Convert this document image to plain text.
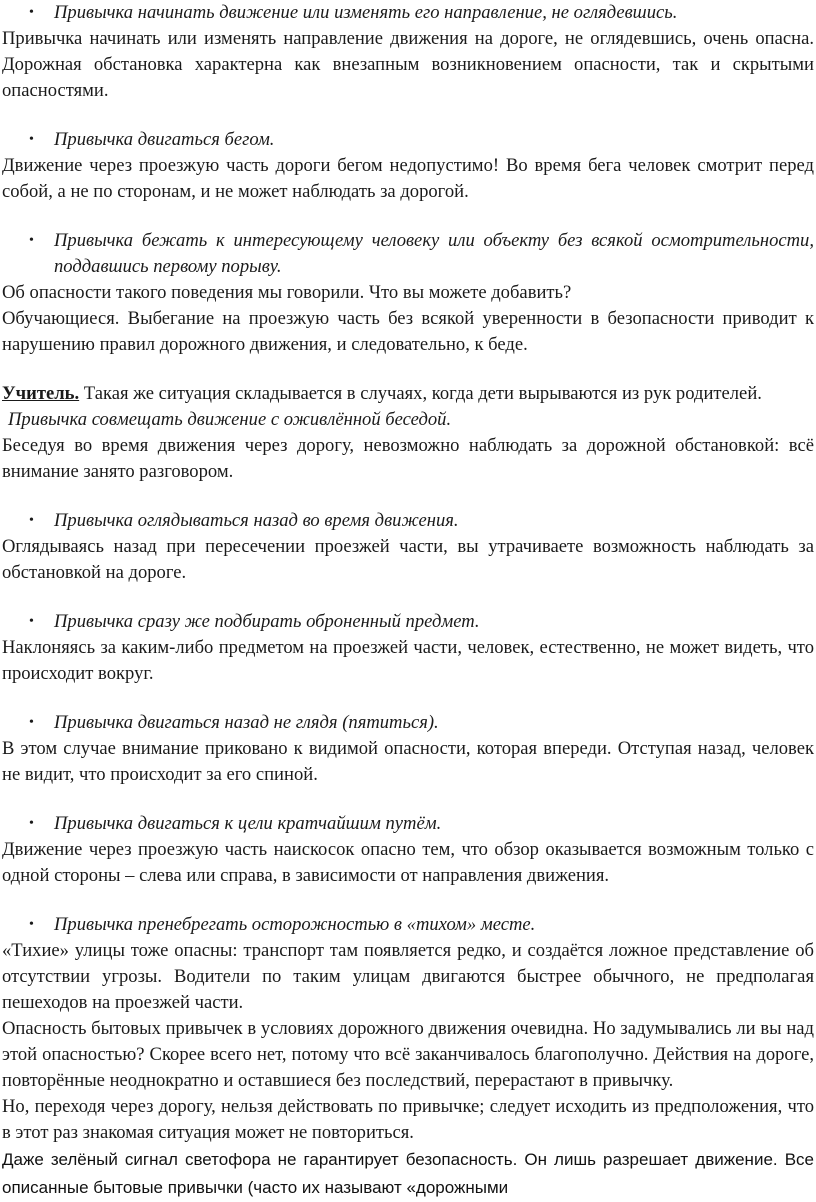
• Привычка начинать движение или изменять его направление, не оглядевшись.

Привычка начинать или изменять направление движения на дороге, не оглядевшись, очень опасна. Дорожная обстановка характерна как внезапным возникновением опасности, так и скрытыми опасностями.

• Привычка двигаться бегом.

Движение через проезжую часть дороги бегом недопустимо! Во время бега человек смотрит перед собой, а не по сторонам, и не может наблюдать за дорогой.

• Привычка бежать к интересующему человеку или объекту без всякой осмотрительности, поддавшись первому порыву.

Об опасности такого поведения мы говорили. Что вы можете добавить?

Обучающиеся. Выбегание на проезжую часть без всякой уверенности в безопасности приводит к нарушению правил дорожного движения, и следовательно, к беде.

Учитель. Такая же ситуация складывается в случаях, когда дети вырываются из рук родителей.

Привычка совмещать движение с оживлённой беседой.

Беседуя во время движения через дорогу, невозможно наблюдать за дорожной обстановкой: всё внимание занято разговором.

• Привычка оглядываться назад во время движения.

Оглядываясь назад при пересечении проезжей части, вы утрачиваете возможность наблюдать за обстановкой на дороге.

• Привычка сразу же подбирать оброненный предмет.

Наклоняясь за каким-либо предметом на проезжей части, человек, естественно, не может видеть, что происходит вокруг.

• Привычка двигаться назад не глядя (пятиться).

В этом случае внимание приковано к видимой опасности, которая впереди. Отступая назад, человек не видит, что происходит за его спиной.

• Привычка двигаться к цели кратчайшим путём.

Движение через проезжую часть наискосок опасно тем, что обзор оказывается возможным только с одной стороны – слева или справа, в зависимости от направления движения.

• Привычка пренебрегать осторожностью в «тихом» месте.

«Тихие» улицы тоже опасны: транспорт там появляется редко, и создаётся ложное представление об отсутствии угрозы. Водители по таким улицам двигаются быстрее обычного, не предполагая пешеходов на проезжей части.

Опасность бытовых привычек в условиях дорожного движения очевидна. Но задумывались ли вы над этой опасностью? Скорее всего нет, потому что всё заканчивалось благополучно. Действия на дороге, повторённые неоднократно и оставшиеся без последствий, перерастают в привычку.

Но, переходя через дорогу, нельзя действовать по привычке; следует исходить из предположения, что в этот раз знакомая ситуация может не повториться.

Даже зелёный сигнал светофора не гарантирует безопасность. Он лишь разрешает движение. Все описанные бытовые привычки (часто их называют «дорожными
